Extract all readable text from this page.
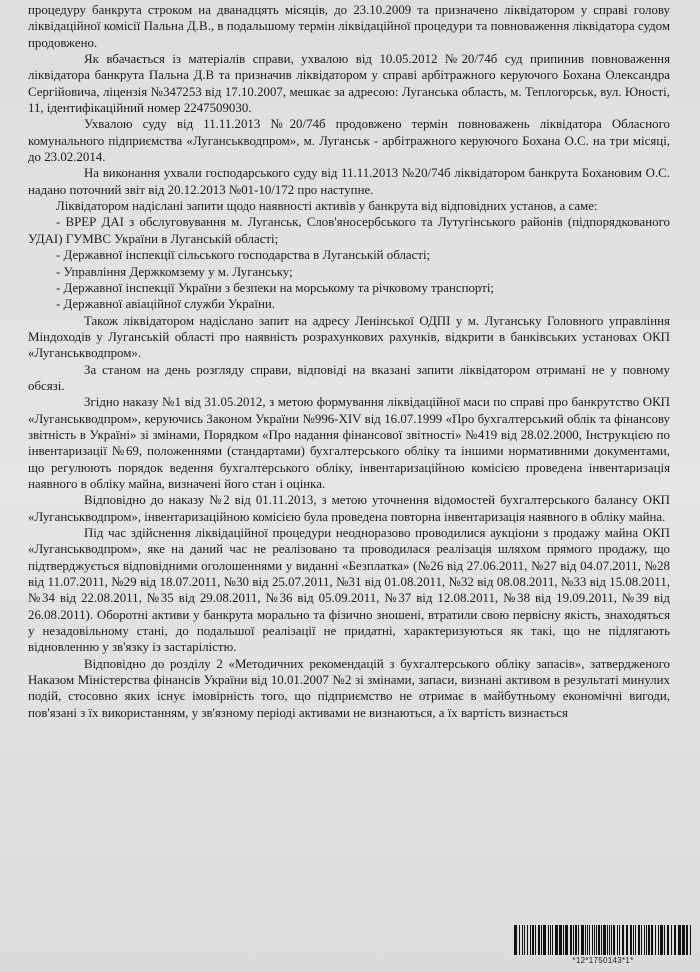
процедуру банкрута строком на дванадцять місяців, до 23.10.2009 та призначено ліквідатором у справі голову ліквідаційної комісії Пальна Д.В., в подальшому термін ліквідаційної процедури та повноваження ліквідатора судом продовжено.

Як вбачається із матеріалів справи, ухвалою від 10.05.2012 №20/74б суд припинив повноваження ліквідатора банкрута Пальна Д.В та призначив ліквідатором у справі арбітражного керуючого Бохана Олександра Сергійовича, ліцензія №347253 від 17.10.2007, мешкає за адресою: Луганська область, м. Теплогорськ, вул. Юності, 11, ідентифікаційний номер 2247509030.

Ухвалою суду від 11.11.2013 №20/74б продовжено термін повноважень ліквідатора Обласного комунального підприємства «Луганськводпром», м. Луганськ - арбітражного керуючого Бохана О.С. на три місяці, до 23.02.2014.

На виконання ухвали господарського суду від 11.11.2013 №20/74б ліквідатором банкрута Бохановим О.С. надано поточний звіт від 20.12.2013 №01-10/172 про наступне.

Ліквідатором надіслані запити щодо наявності активів у банкрута від відповідних установ, а саме:

- ВРЕР ДАІ з обслуговування м. Луганськ, Слов'яносербського та Лутугінського районів (підпорядкованого УДАІ) ГУМВС України в Луганській області;

- Державної інспекції сільського господарства в Луганській області;

- Управління Держкомзему у м. Луганську;

- Державної інспекції України з безпеки на морському та річковому транспорті;

- Державної авіаційної служби України.

Також ліквідатором надіслано запит на адресу Ленінської ОДПІ у м. Луганську Головного управління Міндоходів у Луганській області про наявність розрахункових рахунків, відкрити в банківських установах ОКП «Луганськводпром».

За станом на день розгляду справи, відповіді на вказані запити ліквідатором отримані не у повному обсязі.

Згідно наказу №1 від 31.05.2012, з метою формування ліквідаційної маси по справі про банкрутство ОКП «Луганськводпром», керуючись Законом України №996-XIV від 16.07.1999 «Про бухгалтерський облік та фінансову звітність в Україні» зі змінами, Порядком «Про надання фінансової звітності» №419 від 28.02.2000, Інструкцією по інвентаризації №69, положеннями (стандартами) бухгалтерського обліку та іншими нормативними документами, що регулюють порядок ведення бухгалтерського обліку, інвентаризаційною комісією проведена інвентаризація наявного в обліку майна, визначені його стан і оцінка.

Відповідно до наказу №2 від 01.11.2013, з метою уточнення відомостей бухгалтерського балансу ОКП «Луганськводпром», інвентаризаційною комісією була проведена повторна інвентаризація наявного в обліку майна.

Під час здійснення ліквідаційної процедури неодноразово проводилися аукціони з продажу майна ОКП «Луганськводпром», яке на даний час не реалізовано та проводилася реалізація шляхом прямого продажу, що підтверджується відповідними оголошеннями у виданні «Безплатка» (№26 від 27.06.2011, №27 від 04.07.2011, №28 від 11.07.2011, №29 від 18.07.2011, №30 від 25.07.2011, №31 від 01.08.2011, №32 від 08.08.2011, №33 від 15.08.2011, №34 від 22.08.2011, №35 від 29.08.2011, №36 від 05.09.2011, №37 від 12.08.2011, №38 від 19.09.2011, №39 від 26.08.2011). Оборотні активи у банкрута морально та фізично зношені, втратили свою первісну якість, знаходяться у незадовільному стані, до подальшої реалізації не придатні, характеризуються як такі, що не підлягають відновленню у зв'язку із застарілістю.

Відповідно до розділу 2 «Методичних рекомендацій з бухгалтерського обліку запасів», затвердженого Наказом Міністерства фінансів України від 10.01.2007 №2 зі змінами, запаси, визнані активом в результаті минулих подій, стосовно яких існує імовірність того, що підприємство не отримає в майбутньому економічні вигоди, пов'язані з їх використанням, у зв'язному періоді активами не визнаються, а їх вартість визнається

*12*1750143*1*
